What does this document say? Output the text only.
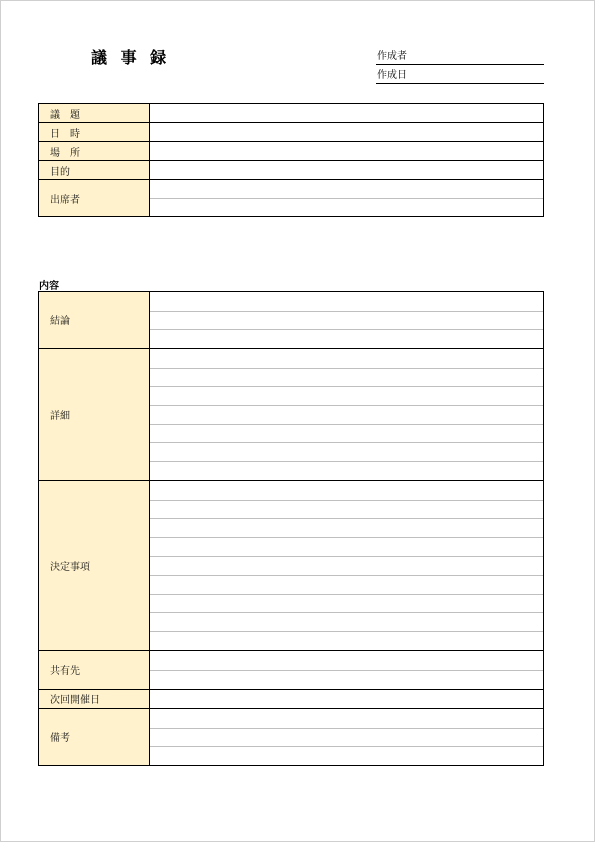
議 事 録	作成者
作成日
議　題	
日　時	
場　所	
目的	
出席者	
内容
結論	

詳細	

決定事項	

共有先	

次回開催日	
備考	
